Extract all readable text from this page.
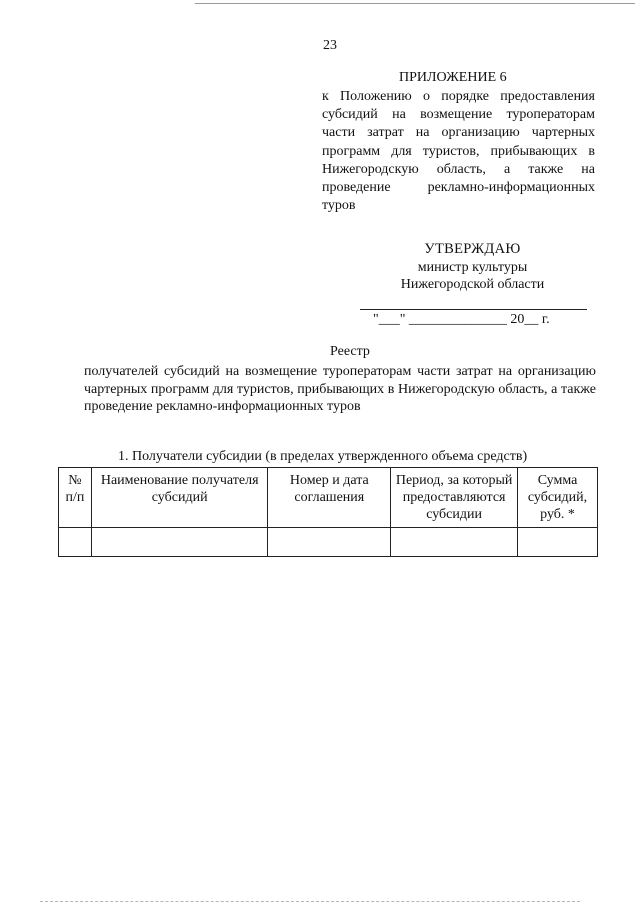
23
ПРИЛОЖЕНИЕ 6
к Положению о порядке предоставления субсидий на возмещение туроператорам части затрат на организацию чартерных программ для туристов, прибывающих в Нижегородскую область, а также на проведение рекламно-информационных туров
УТВЕРЖДАЮ
министр культуры
Нижегородской области
"___" ______________ 20__ г.
Реестр
получателей субсидий на возмещение туроператорам части затрат на организацию чартерных программ для туристов, прибывающих в Нижегородскую область, а также проведение рекламно-информационных туров
1. Получатели субсидии (в пределах утвержденного объема средств)
№ п/п	Наименование получателя субсидий	Номер и дата соглашения	Период, за который предоставляются субсидии	Сумма субсидий, руб. *
